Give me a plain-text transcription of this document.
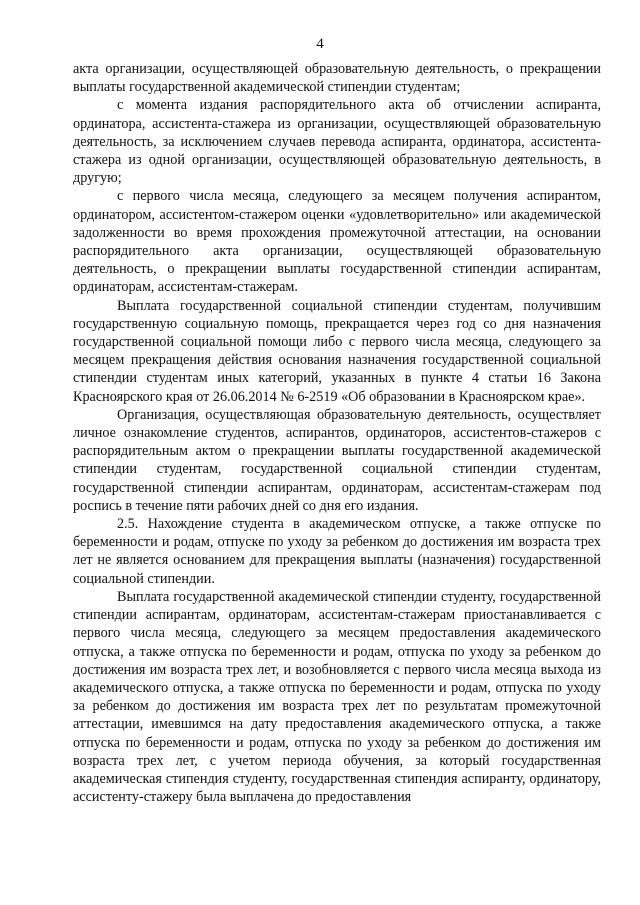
4

акта организации, осуществляющей образовательную деятельность, о прекращении выплаты государственной академической стипендии студентам;

с момента издания распорядительного акта об отчислении аспиранта, ординатора, ассистента-стажера из организации, осуществляющей образовательную деятельность, за исключением случаев перевода аспиранта, ординатора, ассистента-стажера из одной организации, осуществляющей образовательную деятельность, в другую;

с первого числа месяца, следующего за месяцем получения аспирантом, ординатором, ассистентом-стажером оценки «удовлетворительно» или академической задолженности во время прохождения промежуточной аттестации, на основании распорядительного акта организации, осуществляющей образовательную деятельность, о прекращении выплаты государственной стипендии аспирантам, ординаторам, ассистентам-стажерам.

Выплата государственной социальной стипендии студентам, получившим государственную социальную помощь, прекращается через год со дня назначения государственной социальной помощи либо с первого числа месяца, следующего за месяцем прекращения действия основания назначения государственной социальной стипендии студентам иных категорий, указанных в пункте 4 статьи 16 Закона Красноярского края от 26.06.2014 № 6-2519 «Об образовании в Красноярском крае».

Организация, осуществляющая образовательную деятельность, осуществляет личное ознакомление студентов, аспирантов, ординаторов, ассистентов-стажеров с распорядительным актом о прекращении выплаты государственной академической стипендии студентам, государственной социальной стипендии студентам, государственной стипендии аспирантам, ординаторам, ассистентам-стажерам под роспись в течение пяти рабочих дней со дня его издания.

2.5. Нахождение студента в академическом отпуске, а также отпуске по беременности и родам, отпуске по уходу за ребенком до достижения им возраста трех лет не является основанием для прекращения выплаты (назначения) государственной социальной стипендии.

Выплата государственной академической стипендии студенту, государственной стипендии аспирантам, ординаторам, ассистентам-стажерам приостанавливается с первого числа месяца, следующего за месяцем предоставления академического отпуска, а также отпуска по беременности и родам, отпуска по уходу за ребенком до достижения им возраста трех лет, и возобновляется с первого числа месяца выхода из академического отпуска, а также отпуска по беременности и родам, отпуска по уходу за ребенком до достижения им возраста трех лет по результатам промежуточной аттестации, имевшимся на дату предоставления академического отпуска, а также отпуска по беременности и родам, отпуска по уходу за ребенком до достижения им возраста трех лет, с учетом периода обучения, за который государственная академическая стипендия студенту, государственная стипендия аспиранту, ординатору, ассистенту-стажеру была выплачена до предоставления
